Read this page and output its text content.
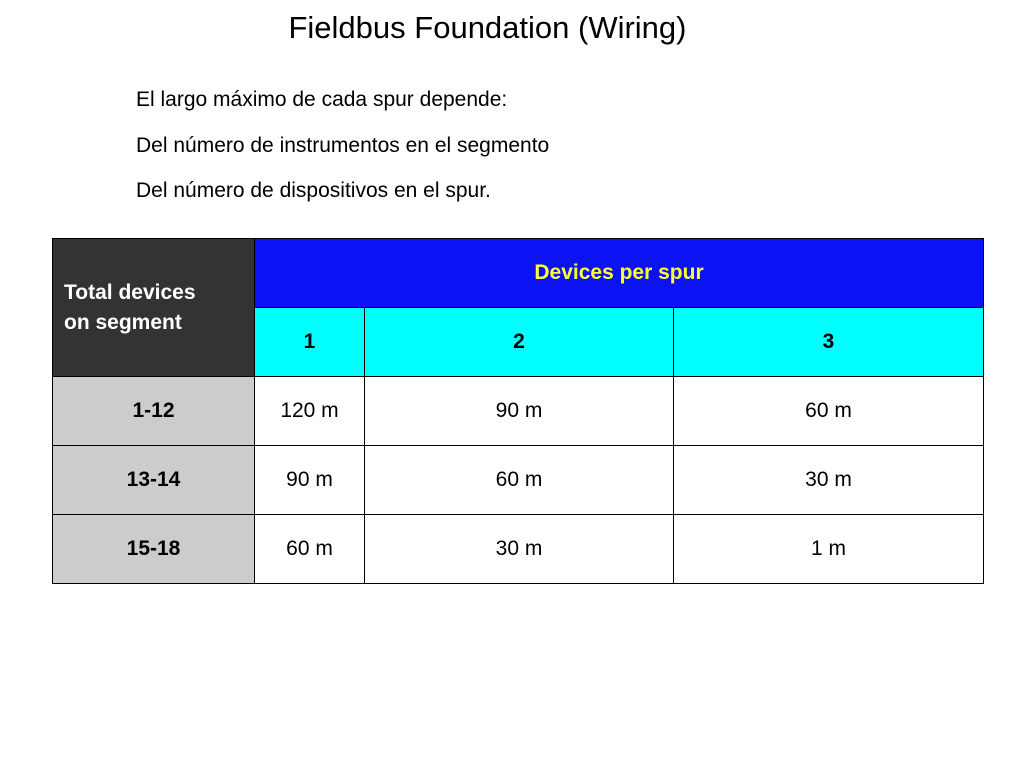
Fieldbus Foundation (Wiring)
El largo máximo de cada spur depende:
Del número de instrumentos en el segmento
Del número de dispositivos en el spur.
Total devices
on segment	Devices per spur		
	1	2	3
1-12	120 m	90 m	60 m
13-14	90 m	60 m	30 m
15-18	60 m	30 m	1 m
